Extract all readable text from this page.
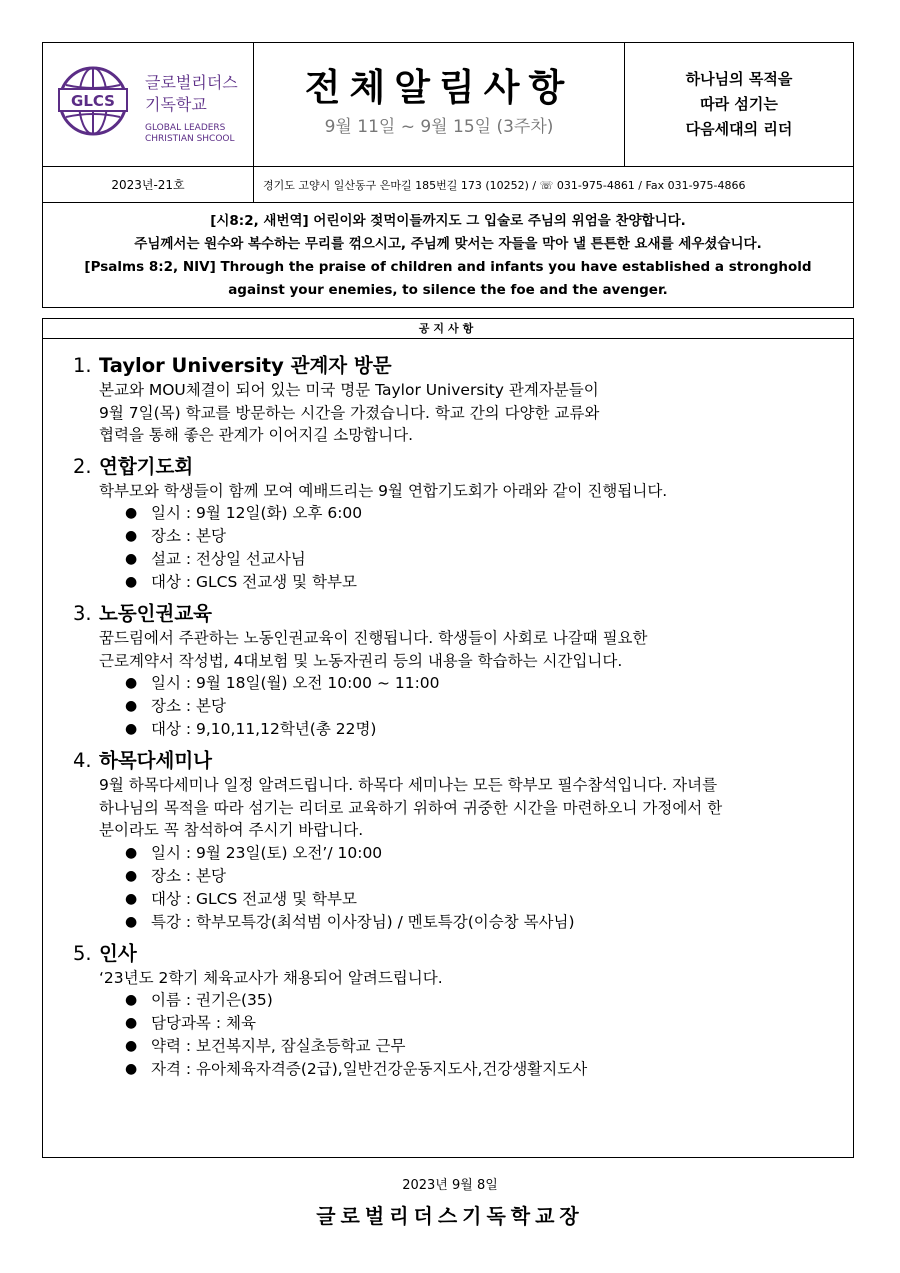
GLCS
글로벌리더스
기독학교
GLOBAL LEADERS
CHRISTIAN SHCOOL
전체알림사항
9월 11일 ~ 9월 15일 (3주차)
하나님의 목적을
따라 섬기는
다음세대의 리더
2023년-21호	경기도 고양시 일산동구 은마길 185번길 173 (10252) / ☏ 031-975-4861 / Fax 031-975-4866
[시8:2, 새번역] 어린이와 젖먹이들까지도 그 입술로 주님의 위엄을 찬양합니다.
주님께서는 원수와 복수하는 무리를 꺾으시고, 주님께 맞서는 자들을 막아 낼 튼튼한 요새를 세우셨습니다.
[Psalms 8:2, NIV] Through the praise of children and infants you have established a stronghold
against your enemies, to silence the foe and the avenger.
공지사항
1. Taylor University 관계자 방문
본교와 MOU체결이 되어 있는 미국 명문 Taylor University 관계자분들이
9월 7일(목) 학교를 방문하는 시간을 가졌습니다. 학교 간의 다양한 교류와
협력을 통해 좋은 관계가 이어지길 소망합니다.
2. 연합기도회
학부모와 학생들이 함께 모여 예배드리는 9월 연합기도회가 아래와 같이 진행됩니다.
● 일시 : 9월 12일(화) 오후 6:00
● 장소 : 본당
● 설교 : 전상일 선교사님
● 대상 : GLCS 전교생 및 학부모
3. 노동인권교육
꿈드림에서 주관하는 노동인권교육이 진행됩니다. 학생들이 사회로 나갈때 필요한
근로계약서 작성법, 4대보험 및 노동자권리 등의 내용을 학습하는 시간입니다.
● 일시 : 9월 18일(월) 오전 10:00 ~ 11:00
● 장소 : 본당
● 대상 : 9,10,11,12학년(총 22명)
4. 하목다세미나
9월 하목다세미나 일정 알려드립니다. 하목다 세미나는 모든 학부모 필수참석입니다. 자녀를
하나님의 목적을 따라 섬기는 리더로 교육하기 위하여 귀중한 시간을 마련하오니 가정에서 한
분이라도 꼭 참석하여 주시기 바랍니다.
● 일시 : 9월 23일(토) 오전’/ 10:00
● 장소 : 본당
● 대상 : GLCS 전교생 및 학부모
● 특강 : 학부모특강(최석범 이사장님) / 멘토특강(이승창 목사님)
5. 인사
‘23년도 2학기 체육교사가 채용되어 알려드립니다.
● 이름 : 권기은(35)
● 담당과목 : 체육
● 약력 : 보건복지부, 잠실초등학교 근무
● 자격 : 유아체육자격증(2급),일반건강운동지도사,건강생활지도사
2023년 9월 8일
글로벌리더스기독학교장
